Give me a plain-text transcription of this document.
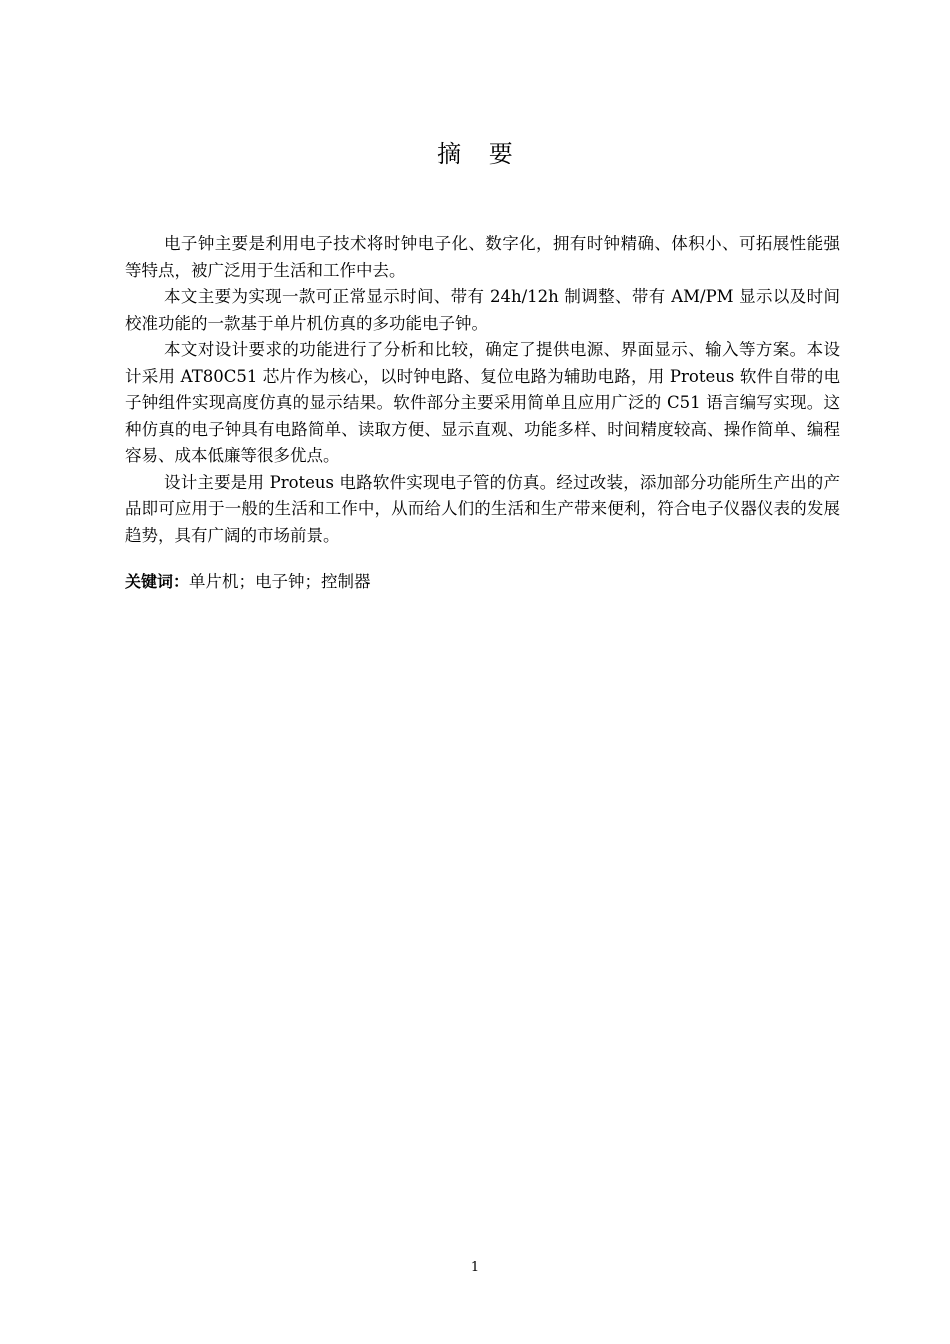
摘 要

电子钟主要是利用电子技术将时钟电子化、数字化，拥有时钟精确、体积小、可拓展性能强等特点，被广泛用于生活和工作中去。

本文主要为实现一款可正常显示时间、带有 24h/12h 制调整、带有 AM/PM 显示以及时间校准功能的一款基于单片机仿真的多功能电子钟。

本文对设计要求的功能进行了分析和比较，确定了提供电源、界面显示、输入等方案。本设计采用 AT80C51 芯片作为核心，以时钟电路、复位电路为辅助电路，用 Proteus 软件自带的电子钟组件实现高度仿真的显示结果。软件部分主要采用简单且应用广泛的 C51 语言编写实现。这种仿真的电子钟具有电路简单、读取方便、显示直观、功能多样、时间精度较高、操作简单、编程容易、成本低廉等很多优点。

设计主要是用 Proteus 电路软件实现电子管的仿真。经过改装，添加部分功能所生产出的产品即可应用于一般的生活和工作中，从而给人们的生活和生产带来便利，符合电子仪器仪表的发展趋势，具有广阔的市场前景。

关键词：单片机；电子钟；控制器

1
